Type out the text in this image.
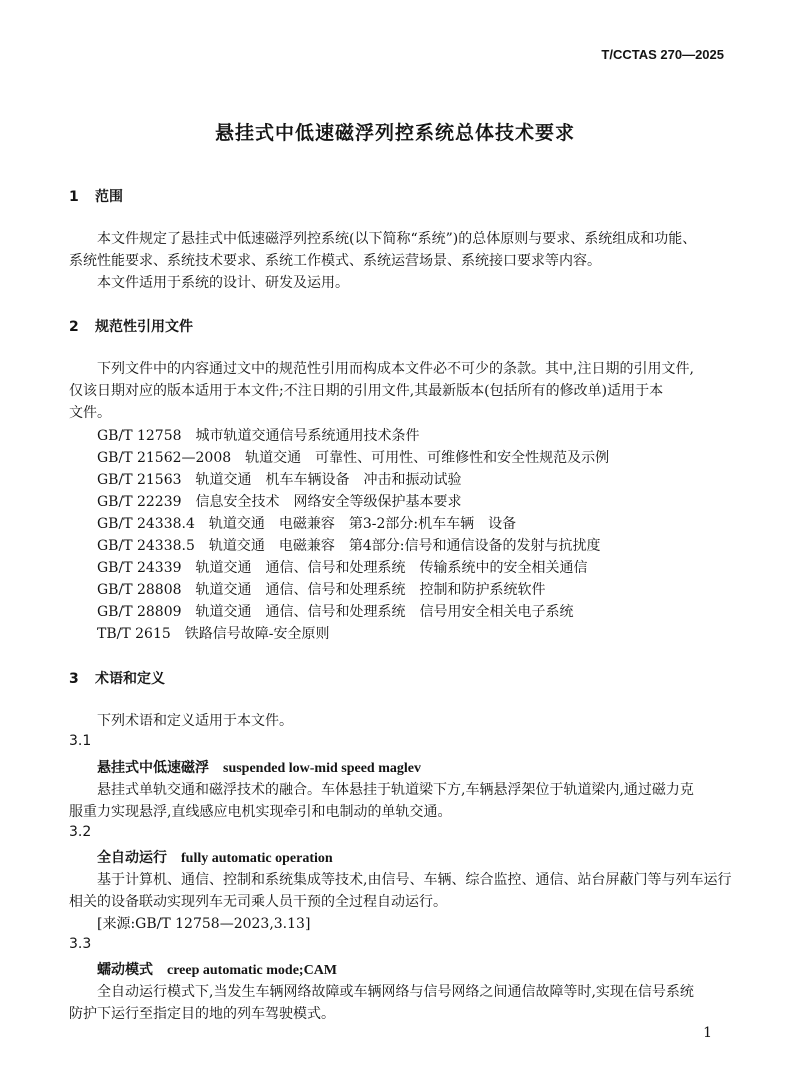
T/CCTAS 270—2025
悬挂式中低速磁浮列控系统总体技术要求
1 范围
本文件规定了悬挂式中低速磁浮列控系统(以下简称“系统”)的总体原则与要求、系统组成和功能、
系统性能要求、系统技术要求、系统工作模式、系统运营场景、系统接口要求等内容。
本文件适用于系统的设计、研发及运用。
2 规范性引用文件
下列文件中的内容通过文中的规范性引用而构成本文件必不可少的条款。其中,注日期的引用文件,
仅该日期对应的版本适用于本文件;不注日期的引用文件,其最新版本(包括所有的修改单)适用于本
文件。
GB/T 12758 城市轨道交通信号系统通用技术条件
GB/T 21562—2008 轨道交通 可靠性、可用性、可维修性和安全性规范及示例
GB/T 21563 轨道交通 机车车辆设备 冲击和振动试验
GB/T 22239 信息安全技术 网络安全等级保护基本要求
GB/T 24338.4 轨道交通 电磁兼容 第3-2部分:机车车辆　设备
GB/T 24338.5 轨道交通 电磁兼容 第4部分:信号和通信设备的发射与抗扰度
GB/T 24339 轨道交通 通信、信号和处理系统 传输系统中的安全相关通信
GB/T 28808 轨道交通 通信、信号和处理系统 控制和防护系统软件
GB/T 28809 轨道交通 通信、信号和处理系统 信号用安全相关电子系统
TB/T 2615 铁路信号故障-安全原则
3 术语和定义
下列术语和定义适用于本文件。
3.1
悬挂式中低速磁浮 suspended low-mid speed maglev
悬挂式单轨交通和磁浮技术的融合。车体悬挂于轨道梁下方,车辆悬浮架位于轨道梁内,通过磁力克
服重力实现悬浮,直线感应电机实现牵引和电制动的单轨交通。
3.2
全自动运行 fully automatic operation
基于计算机、通信、控制和系统集成等技术,由信号、车辆、综合监控、通信、站台屏蔽门等与列车运行
相关的设备联动实现列车无司乘人员干预的全过程自动运行。
[来源:GB/T 12758—2023,3.13]
3.3
蠕动模式 creep automatic mode;CAM
全自动运行模式下,当发生车辆网络故障或车辆网络与信号网络之间通信故障等时,实现在信号系统
防护下运行至指定目的地的列车驾驶模式。
1
